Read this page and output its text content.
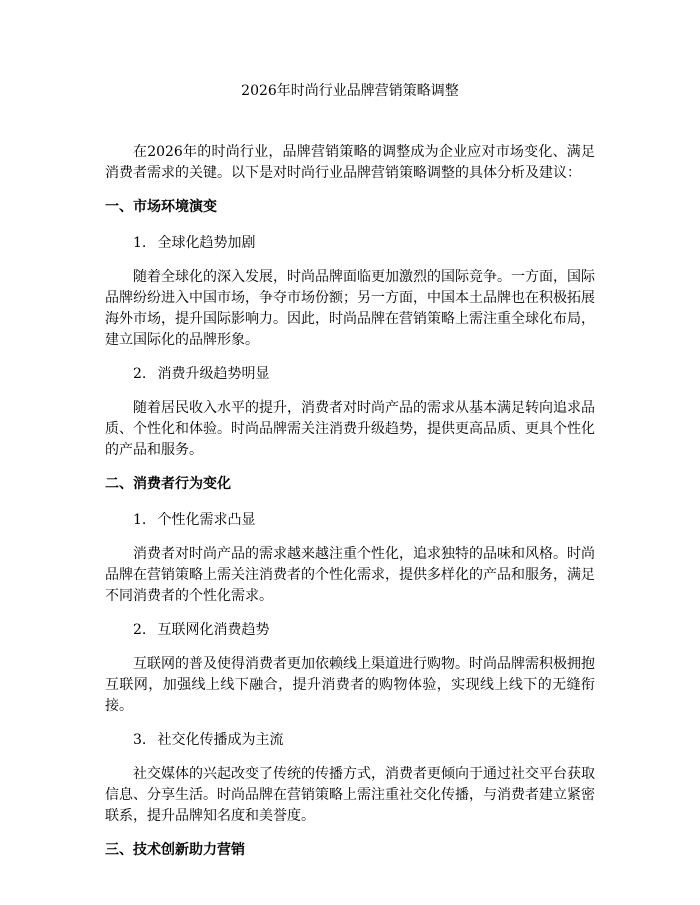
2026年时尚行业品牌营销策略调整

在2026年的时尚行业，品牌营销策略的调整成为企业应对市场变化、满足消费者需求的关键。以下是对时尚行业品牌营销策略调整的具体分析及建议：

一、市场环境演变
1. 全球化趋势加剧

随着全球化的深入发展，时尚品牌面临更加激烈的国际竞争。一方面，国际品牌纷纷进入中国市场，争夺市场份额；另一方面，中国本土品牌也在积极拓展海外市场，提升国际影响力。因此，时尚品牌在营销策略上需注重全球化布局，建立国际化的品牌形象。

2. 消费升级趋势明显

随着居民收入水平的提升，消费者对时尚产品的需求从基本满足转向追求品质、个性化和体验。时尚品牌需关注消费升级趋势，提供更高品质、更具个性化的产品和服务。

二、消费者行为变化
1. 个性化需求凸显

消费者对时尚产品的需求越来越注重个性化，追求独特的品味和风格。时尚品牌在营销策略上需关注消费者的个性化需求，提供多样化的产品和服务，满足不同消费者的个性化需求。

2. 互联网化消费趋势

互联网的普及使得消费者更加依赖线上渠道进行购物。时尚品牌需积极拥抱互联网，加强线上线下融合，提升消费者的购物体验，实现线上线下的无缝衔接。

3. 社交化传播成为主流

社交媒体的兴起改变了传统的传播方式，消费者更倾向于通过社交平台获取信息、分享生活。时尚品牌在营销策略上需注重社交化传播，与消费者建立紧密联系，提升品牌知名度和美誉度。

三、技术创新助力营销
